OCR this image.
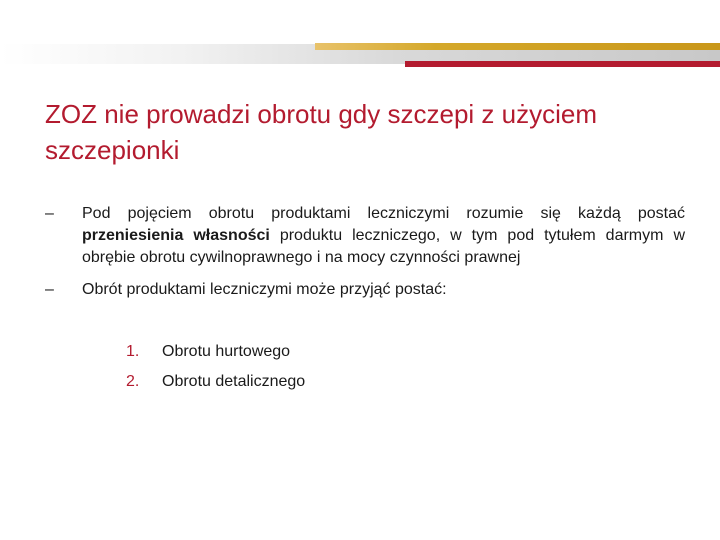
ZOZ nie prowadzi obrotu gdy szczepi z użyciem szczepionki
– Pod pojęciem obrotu produktami leczniczymi rozumie się każdą postać przeniesienia własności produktu leczniczego, w tym pod tytułem darmym w obrębie obrotu cywilnoprawnego i na mocy czynności prawnej
– Obrót produktami leczniczymi może przyjąć postać:
1. Obrotu hurtowego
2. Obrotu detalicznego
